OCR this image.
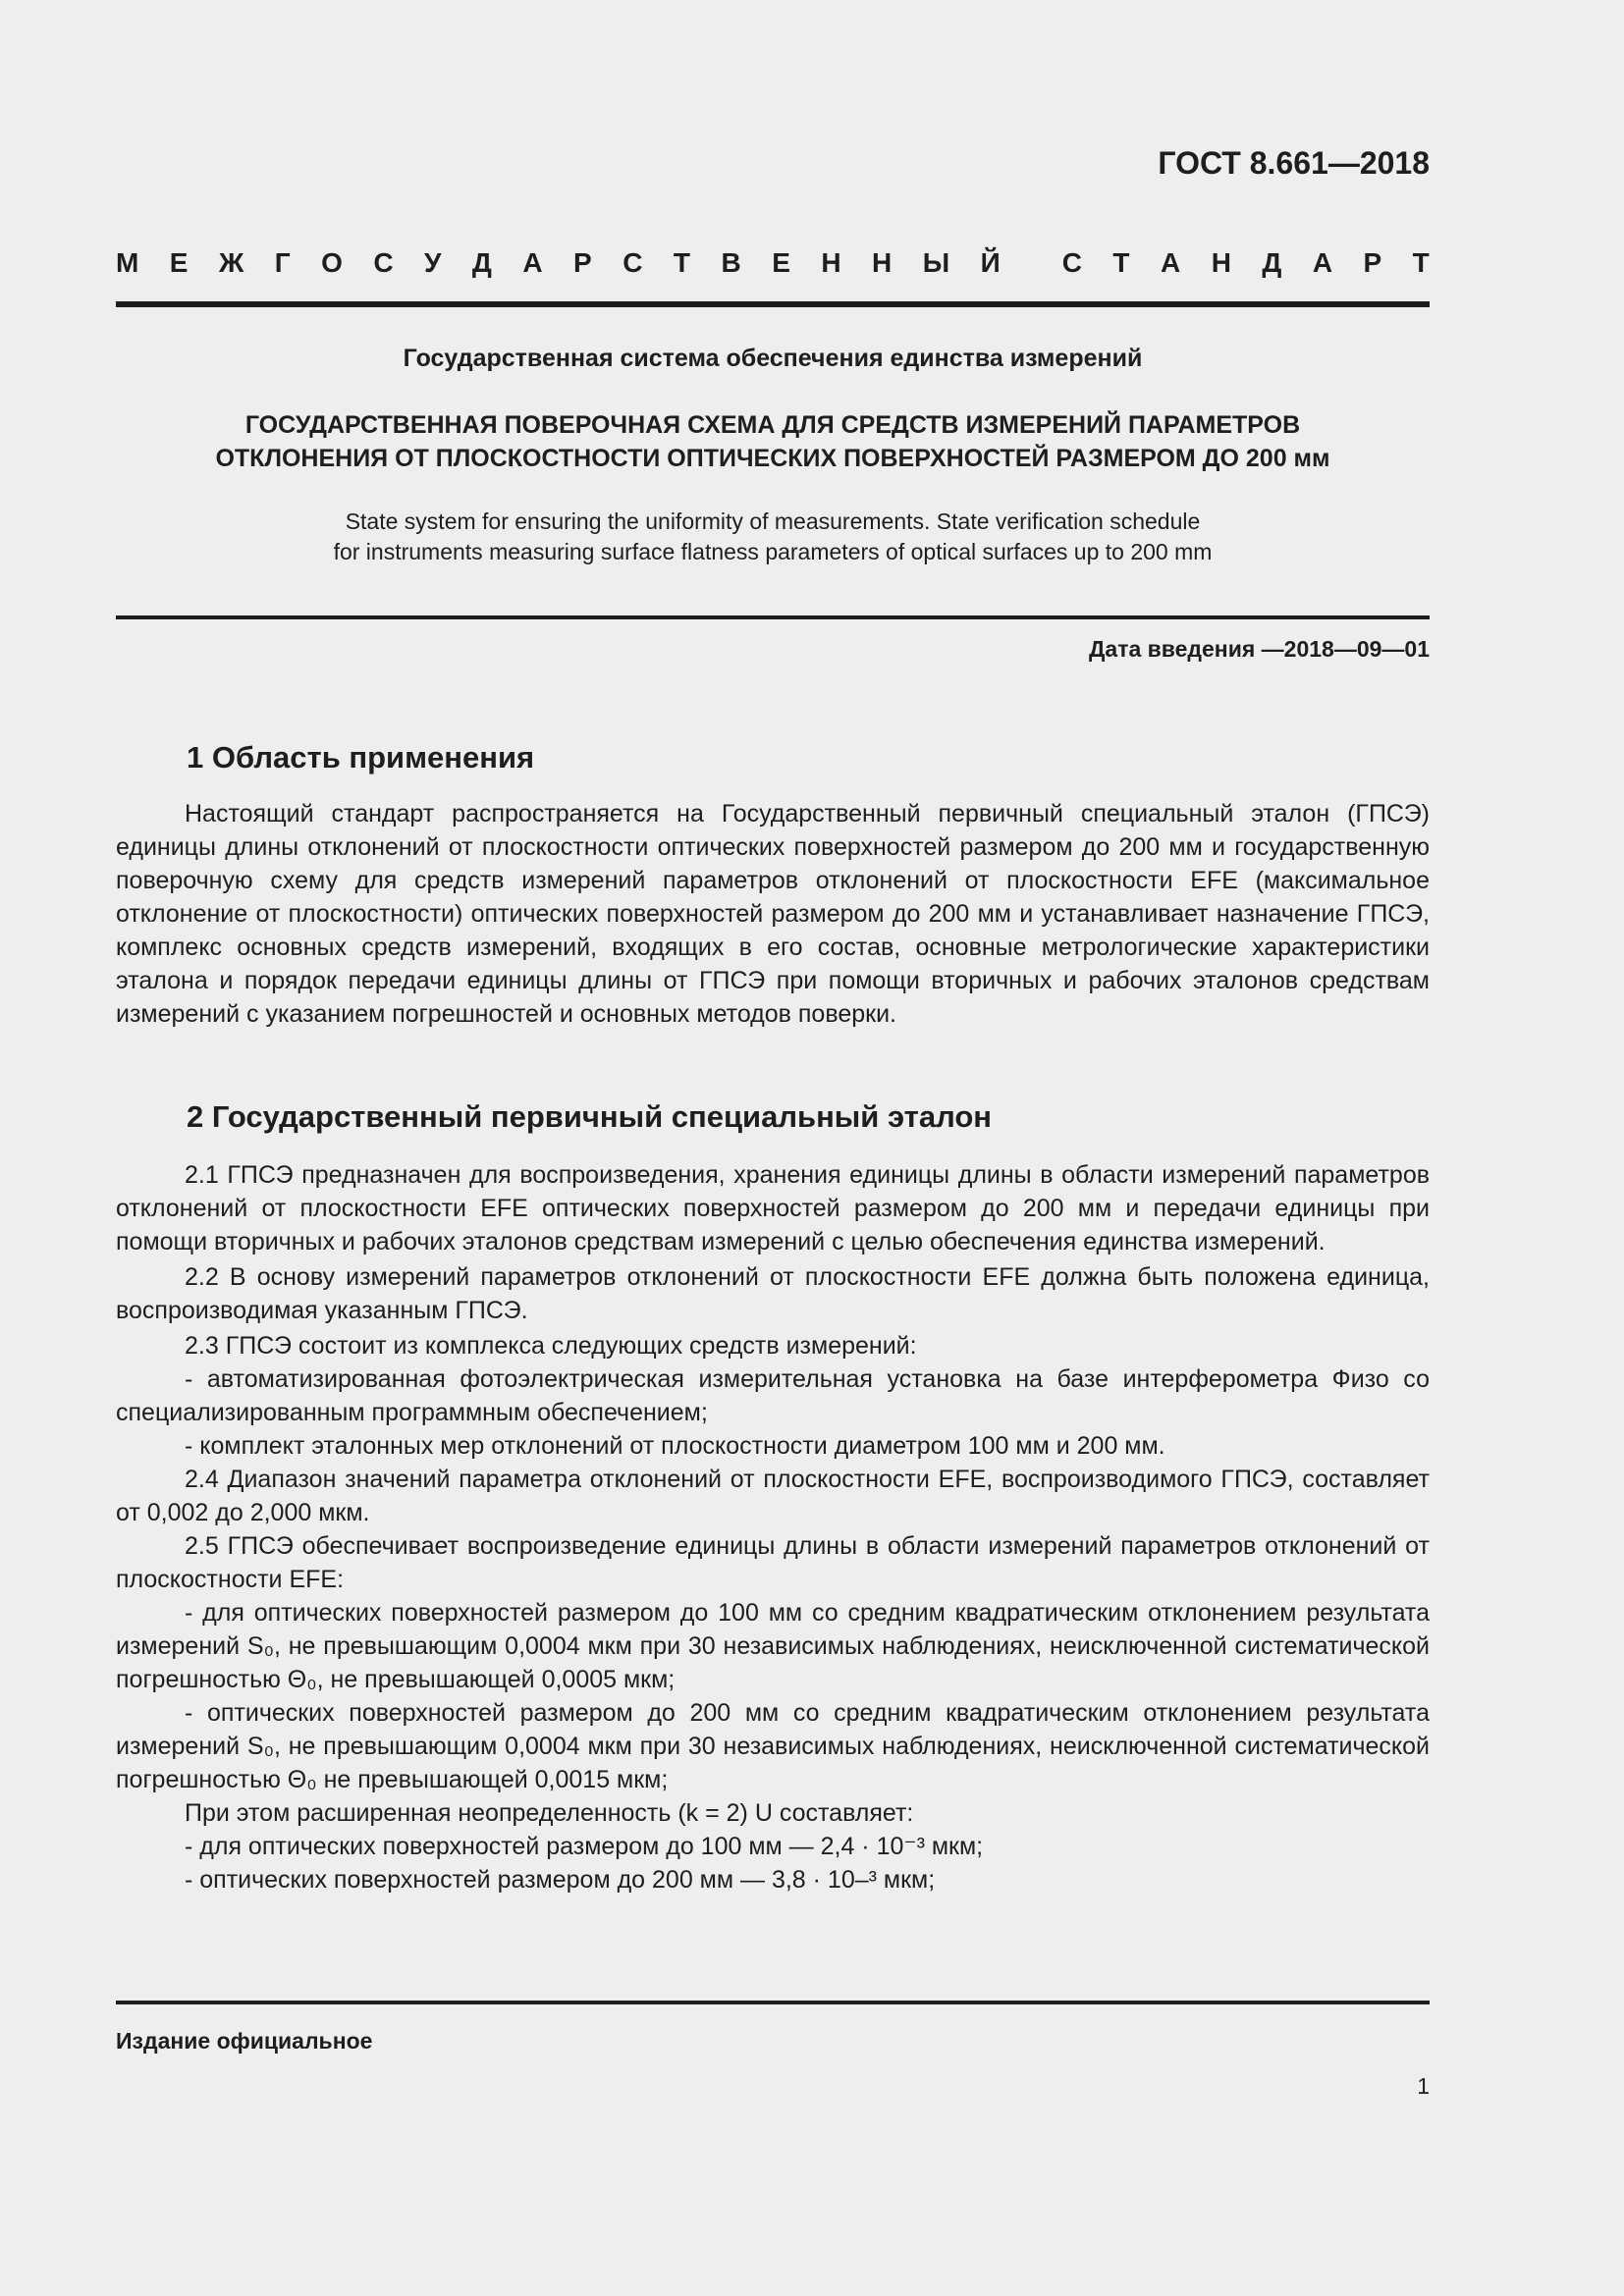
ГОСТ 8.661—2018
М Е Ж Г О С У Д А Р С Т В Е Н Н Ы Й С Т А Н Д А Р Т
Государственная система обеспечения единства измерений
ГОСУДАРСТВЕННАЯ ПОВЕРОЧНАЯ СХЕМА ДЛЯ СРЕДСТВ ИЗМЕРЕНИЙ ПАРАМЕТРОВ
ОТКЛОНЕНИЯ ОТ ПЛОСКОСТНОСТИ ОПТИЧЕСКИХ ПОВЕРХНОСТЕЙ РАЗМЕРОМ ДО 200 мм
State system for ensuring the uniformity of measurements. State verification schedule
for instruments measuring surface flatness parameters of optical surfaces up to 200 mm
Дата введения —2018—09—01
1 Область применения

Настоящий стандарт распространяется на Государственный первичный специальный эталон (ГПСЭ) единицы длины отклонений от плоскостности оптических поверхностей размером до 200 мм и государственную поверочную схему для средств измерений параметров отклонений от плоскостности EFE (максимальное отклонение от плоскостности) оптических поверхностей размером до 200 мм и устанавливает назначение ГПСЭ, комплекс основных средств измерений, входящих в его состав, основные метрологические характеристики эталона и порядок передачи единицы длины от ГПСЭ при помощи вторичных и рабочих эталонов средствам измерений с указанием погрешностей и основных методов поверки.

2 Государственный первичный специальный эталон

2.1 ГПСЭ предназначен для воспроизведения, хранения единицы длины в области измерений параметров отклонений от плоскостности EFE оптических поверхностей размером до 200 мм и передачи единицы при помощи вторичных и рабочих эталонов средствам измерений с целью обеспечения единства измерений.

2.2 В основу измерений параметров отклонений от плоскостности EFE должна быть положена единица, воспроизводимая указанным ГПСЭ.

2.3 ГПСЭ состоит из комплекса следующих средств измерений:

- автоматизированная фотоэлектрическая измерительная установка на базе интерферометра Физо со специализированным программным обеспечением;

- комплект эталонных мер отклонений от плоскостности диаметром 100 мм и 200 мм.

2.4 Диапазон значений параметра отклонений от плоскостности EFE, воспроизводимого ГПСЭ, составляет от 0,002 до 2,000 мкм.

2.5 ГПСЭ обеспечивает воспроизведение единицы длины в области измерений параметров отклонений от плоскостности EFE:

- для оптических поверхностей размером до 100 мм со средним квадратическим отклонением результата измерений S₀, не превышающим 0,0004 мкм при 30 независимых наблюдениях, неисключенной систематической погрешностью Θ₀, не превышающей 0,0005 мкм;

- оптических поверхностей размером до 200 мм со средним квадратическим отклонением результата измерений S₀, не превышающим 0,0004 мкм при 30 независимых наблюдениях, неисключенной систематической погрешностью Θ₀ не превышающей 0,0015 мкм;

При этом расширенная неопределенность (k = 2) U составляет:

- для оптических поверхностей размером до 100 мм — 2,4 · 10⁻³ мкм;

- оптических поверхностей размером до 200 мм — 3,8 · 10–³ мкм;

Издание официальное
1
